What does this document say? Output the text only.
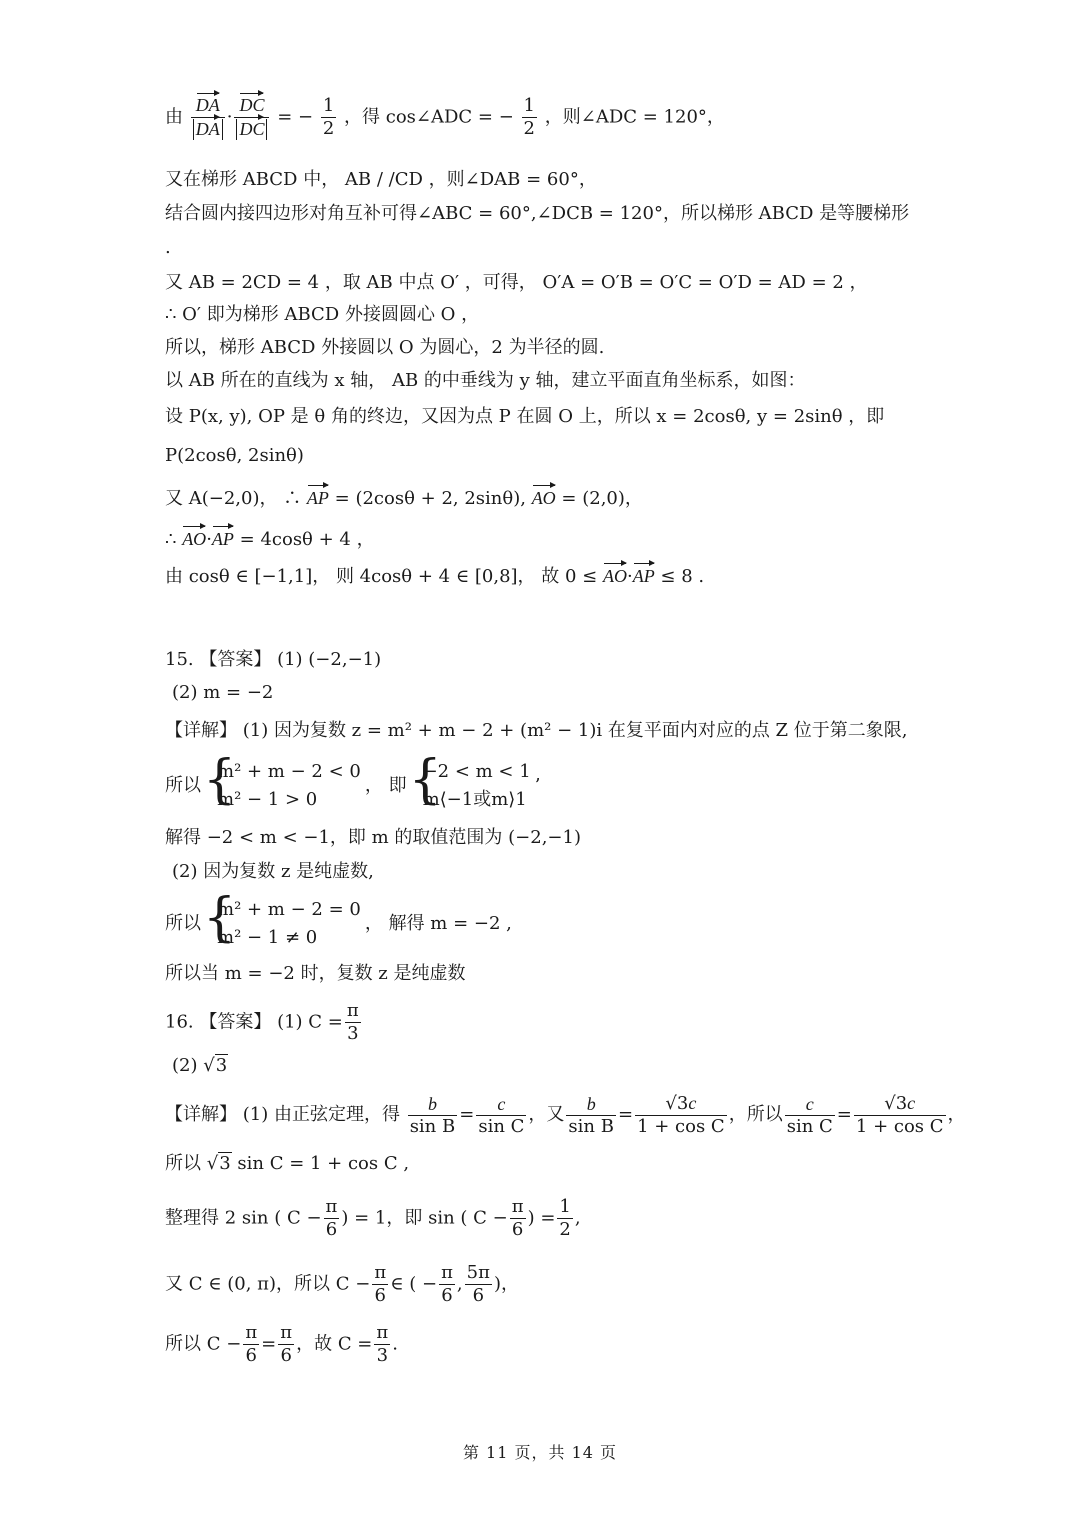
由 $\frac{DA}{DA} \cdot \frac{DC}{DC}$ = − $\frac{1}{2}$ ，得 cos∠ADC = − $\frac{1}{2}$ ，则∠ADC = 120°，
又在梯形 ABCD 中， AB / /CD ，则∠DAB = 60°，
结合圆内接四边形对角互补可得∠ABC = 60°,∠DCB = 120°，所以梯形 ABCD 是等腰梯形
.
又 AB = 2CD = 4 ，取 AB 中点 O′ ，可得， O′A = O′B = O′C = O′D = AD = 2 ，
∴ O′ 即为梯形 ABCD 外接圆圆心 O ，
所以，梯形 ABCD 外接圆以 O 为圆心，2 为半径的圆.
以 AB 所在的直线为 x 轴， AB 的中垂线为 y 轴，建立平面直角坐标系，如图：
设 P(x, y), OP 是 θ 角的终边，又因为点 P 在圆 O 上，所以 x = 2cosθ, y = 2sinθ ，即
P(2cosθ, 2sinθ)
又 A(−2,0)， ∴ AP = (2cosθ + 2, 2sinθ), AO = (2,0)，
∴ AO·AP = 4cosθ + 4 ，
由 cosθ ∈ [−1,1]， 则 4cosθ + 4 ∈ [0,8]， 故 0 ≤ AO·AP ≤ 8 .
15. 【答案】 (1) (−2,−1)
(2) m = −2
【详解】 (1) 因为复数 z = m² + m − 2 + (m² − 1)i 在复平面内对应的点 Z 位于第二象限,
所以
{ m² + m − 2 < 0
m² − 1 > 0
， 即
{ −2 < m < 1
m⟨−1或m⟩1
’
解得 −2 < m < −1，即 m 的取值范围为 (−2,−1)
(2) 因为复数 z 是纯虚数,
所以
{ m² + m − 2 = 0
m² − 1 ≠ 0
， 解得 m = −2 ,
所以当 m = −2 时，复数 z 是纯虚数
16. 【答案】 (1) $C = \frac{\pi}{3}$
(2) √3
【详解】 (1) 由正弦定理，得 $\frac{b}{\text{sin B}} = \frac{c}{\text{sin C}}$ ，又 $\frac{b}{\text{sin B}} = \frac{√3c}{\text{1 + cos C}}$ ，所以 $\frac{c}{\text{sin C}} = \frac{√3c}{\text{1 + cos C}}$ ，
所以 √3 sin C = 1 + cos C ,
整理得 2 sin ( $C - \frac{\pi}{6}$ ) = 1，即 sin ( $C - \frac{\pi}{6}$ ) = $\frac{1}{2}$ ,
又 C ∈ (0, π)，所以 $C - \frac{\pi}{6}$ ∈ ( − $\frac{\pi}{6}$ , $\frac{5\pi}{6}$ )，
所以 $C - \frac{\pi}{6} = \frac{\pi}{6}$ ，故 $C = \frac{\pi}{3}$ .
第 11 页，共 14 页
